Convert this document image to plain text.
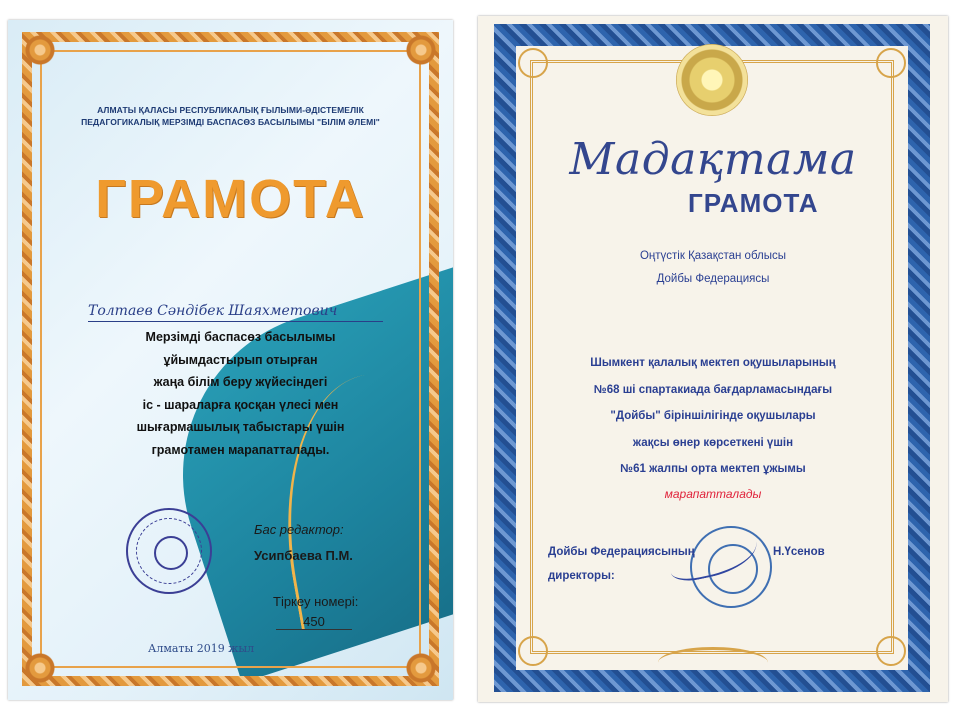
АЛМАТЫ ҚАЛАСЫ РЕСПУБЛИКАЛЫҚ ҒЫЛЫМИ-ӘДІСТЕМЕЛІК ПЕДАГОГИКАЛЫҚ МЕРЗІМДІ БАСПАСӨЗ БАСЫЛЫМЫ "БІЛІМ ӘЛЕМІ"
ГРАМОТА
Толтаев Сәндібек Шаяхметович
Мерзімді баспасөз басылымы
ұйымдастырып отырған
жаңа білім беру жүйесіндегі
іс - шараларға қосқан үлесі мен
шығармашылық табыстары үшін
грамотамен марапатталады.
Бас редактор:
Усипбаева П.М.
Тіркеу номері:
450
Алматы 2019 жыл
Мадақтама
ГРАМОТА
Оңтүстік Қазақстан облысы
Дойбы Федерациясы
Шымкент қалалық мектеп оқушыларының
№68 ші спартакиада бағдарламасындағы
"Дойбы" біріншілігінде оқушылары
жақсы өнер көрсеткені үшін
№61 жалпы орта мектеп ұжымы
марапатталады
Дойбы Федерациясының
директоры:
Н.Үсенов
